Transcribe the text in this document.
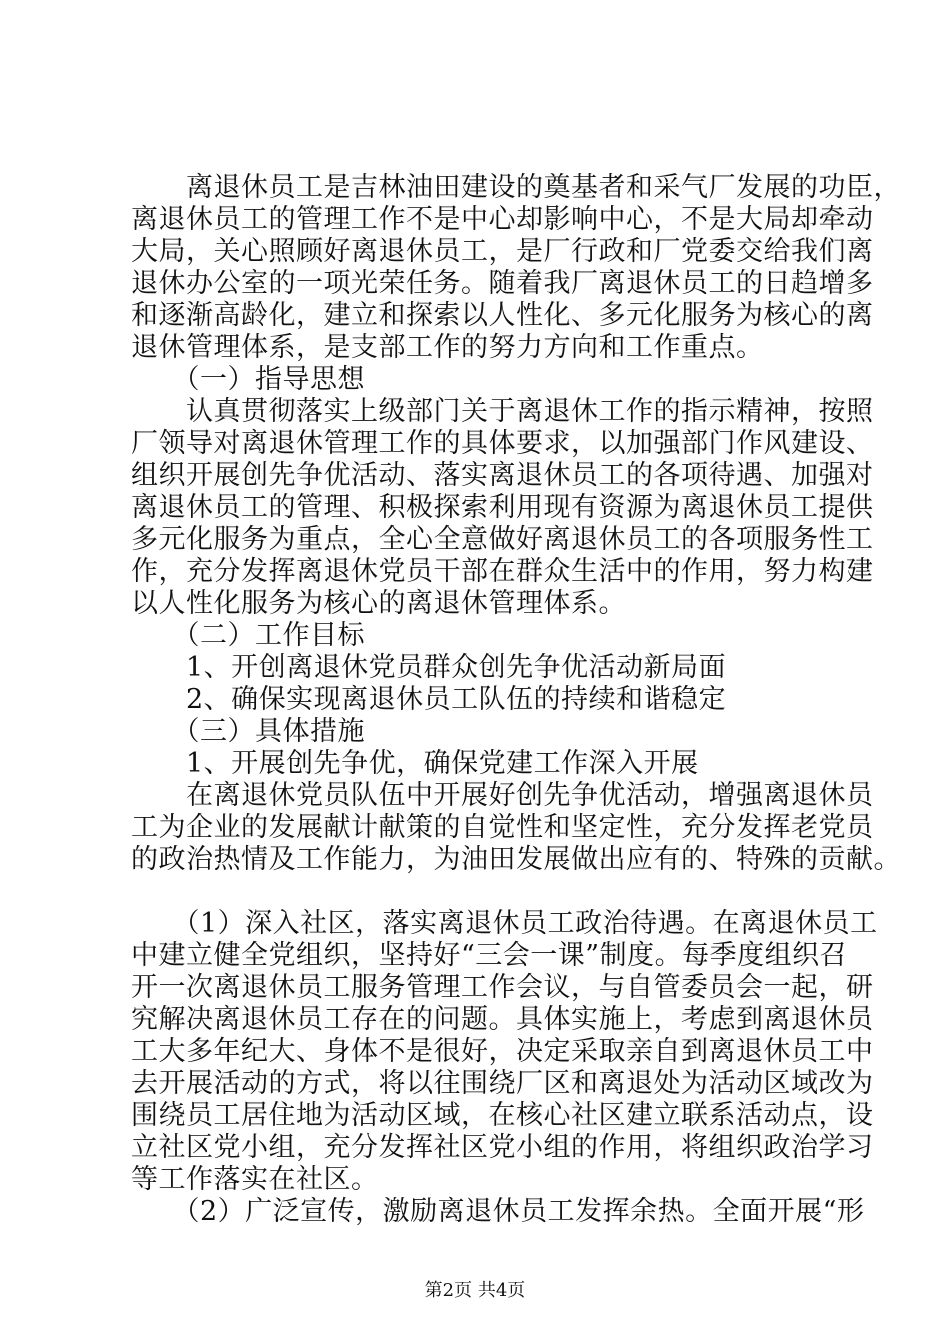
　　离退休员工是吉林油田建设的奠基者和采气厂发展的功臣，
离退休员工的管理工作不是中心却影响中心，不是大局却牵动
大局，关心照顾好离退休员工，是厂行政和厂党委交给我们离
退休办公室的一项光荣任务。随着我厂离退休员工的日趋增多
和逐渐高龄化，建立和探索以人性化、多元化服务为核心的离
退休管理体系，是支部工作的努力方向和工作重点。
　　（一）指导思想
　　认真贯彻落实上级部门关于离退休工作的指示精神，按照
厂领导对离退休管理工作的具体要求，以加强部门作风建设、
组织开展创先争优活动、落实离退休员工的各项待遇、加强对
离退休员工的管理、积极探索利用现有资源为离退休员工提供
多元化服务为重点，全心全意做好离退休员工的各项服务性工
作，充分发挥离退休党员干部在群众生活中的作用，努力构建
以人性化服务为核心的离退休管理体系。
　　（二）工作目标
　　1、开创离退休党员群众创先争优活动新局面
　　2、确保实现离退休员工队伍的持续和谐稳定
　　（三）具体措施
　　1、开展创先争优，确保党建工作深入开展
　　在离退休党员队伍中开展好创先争优活动，增强离退休员
工为企业的发展献计献策的自觉性和坚定性，充分发挥老党员
的政治热情及工作能力，为油田发展做出应有的、特殊的贡献。
　　（1）深入社区，落实离退休员工政治待遇。在离退休员工
中建立健全党组织，坚持好“三会一课”制度。每季度组织召
开一次离退休员工服务管理工作会议，与自管委员会一起，研
究解决离退休员工存在的问题。具体实施上，考虑到离退休员
工大多年纪大、身体不是很好，决定采取亲自到离退休员工中
去开展活动的方式，将以往围绕厂区和离退处为活动区域改为
围绕员工居住地为活动区域，在核心社区建立联系活动点，设
立社区党小组，充分发挥社区党小组的作用，将组织政治学习
等工作落实在社区。
第2页 共4页
　　（2）广泛宣传，激励离退休员工发挥余热。全面开展“形
